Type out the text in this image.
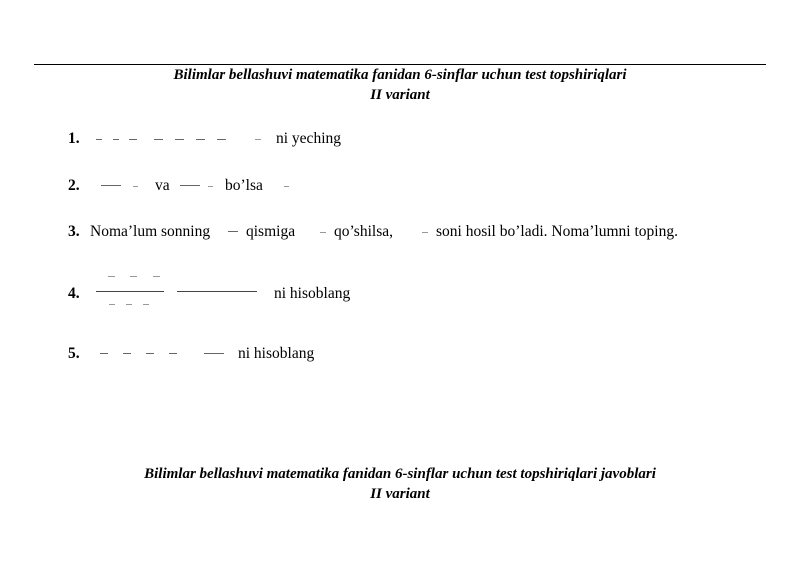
Bilimlar bellashuvi matematika fanidan 6-sinflar uchun test topshiriqlari
II variant
1.	ni yeching
2.	va	bo’lsa
3. Noma’lum sonning qismiga	qo’shilsa,	soni hosil bo’ladi. Noma’lumni toping.
4.	ni hisoblang
5.	ni hisoblang
Bilimlar bellashuvi matematika fanidan 6-sinflar uchun test topshiriqlari javoblari
II variant
